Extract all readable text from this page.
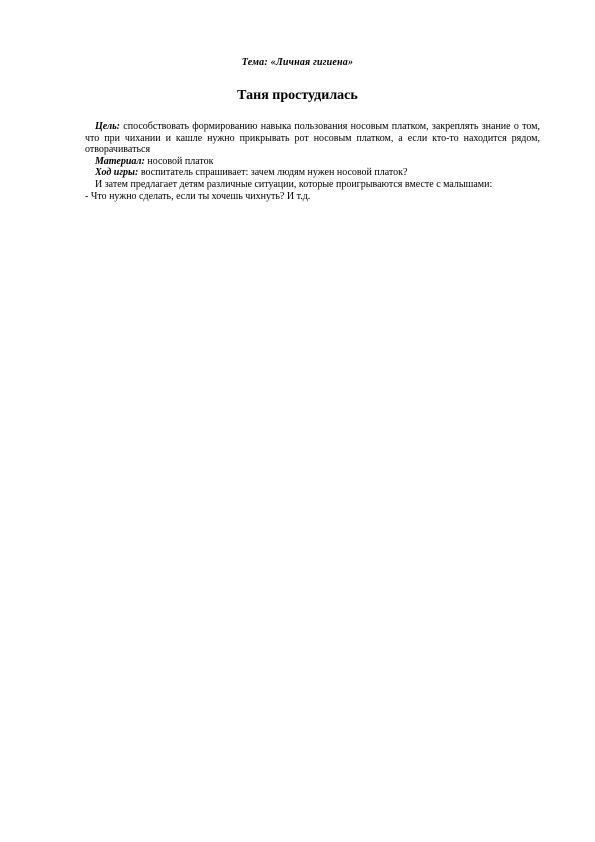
Тема: «Личная гигиена»
Таня простудилась

Цель: способствовать формированию навыка пользования носовым платком, закреплять знание о том, что при чихании и кашле нужно прикрывать рот носовым платком, а если кто-то находится рядом, отворачиваться

Материал: носовой платок

Ход игры: воспитатель спрашивает: зачем людям нужен носовой платок?

И затем предлагает детям различные ситуации, которые проигрываются вместе с малышами:

- Что нужно сделать, если ты хочешь чихнуть? И т.д.
